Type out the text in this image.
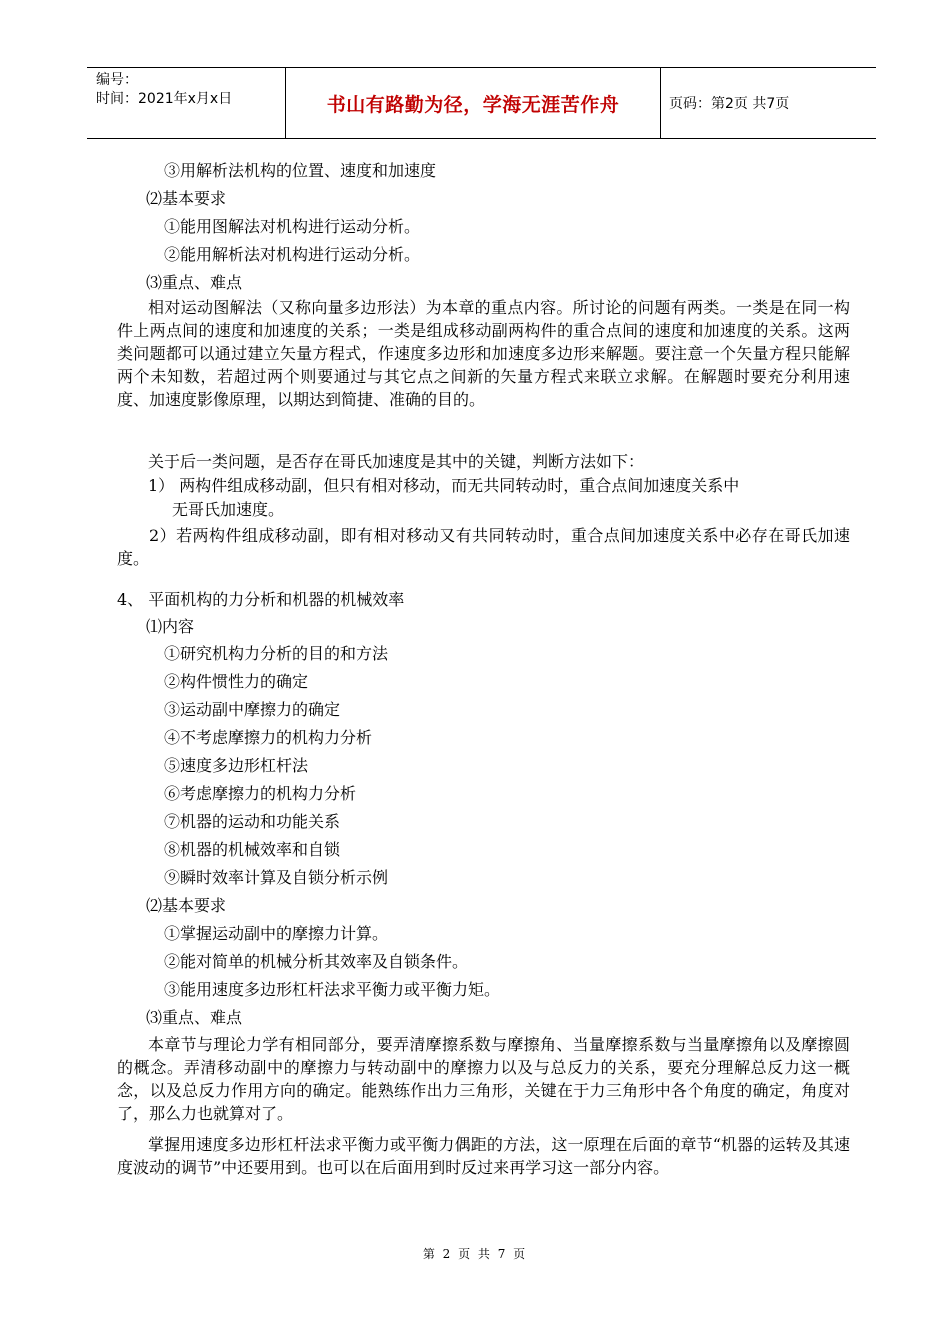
编号：
时间：2021年x月x日	书山有路勤为径，学海无涯苦作舟	页码：第2页 共7页
③用解析法机构的位置、速度和加速度
⑵基本要求
①能用图解法对机构进行运动分析。
②能用解析法对机构进行运动分析。
⑶重点、难点
相对运动图解法（又称向量多边形法）为本章的重点内容。所讨论的问题有两类。一类是在同一构件上两点间的速度和加速度的关系；一类是组成移动副两构件的重合点间的速度和加速度的关系。这两类问题都可以通过建立矢量方程式，作速度多边形和加速度多边形来解题。要注意一个矢量方程只能解两个未知数，若超过两个则要通过与其它点之间新的矢量方程式来联立求解。在解题时要充分利用速度、加速度影像原理，以期达到简捷、准确的目的。
关于后一类问题，是否存在哥氏加速度是其中的关键，判断方法如下：
1） 两构件组成移动副，但只有相对移动，而无共同转动时，重合点间加速度关系中
无哥氏加速度。
2）若两构件组成移动副，即有相对移动又有共同转动时，重合点间加速度关系中必存在哥氏加速度。
4、 平面机构的力分析和机器的机械效率
⑴内容
①研究机构力分析的目的和方法
②构件惯性力的确定
③运动副中摩擦力的确定
④不考虑摩擦力的机构力分析
⑤速度多边形杠杆法
⑥考虑摩擦力的机构力分析
⑦机器的运动和功能关系
⑧机器的机械效率和自锁
⑨瞬时效率计算及自锁分析示例
⑵基本要求
①掌握运动副中的摩擦力计算。
②能对简单的机械分析其效率及自锁条件。
③能用速度多边形杠杆法求平衡力或平衡力矩。
⑶重点、难点
本章节与理论力学有相同部分，要弄清摩擦系数与摩擦角、当量摩擦系数与当量摩擦角以及摩擦圆的概念。弄清移动副中的摩擦力与转动副中的摩擦力以及与总反力的关系，要充分理解总反力这一概念，以及总反力作用方向的确定。能熟练作出力三角形，关键在于力三角形中各个角度的确定，角度对了，那么力也就算对了。
掌握用速度多边形杠杆法求平衡力或平衡力偶距的方法，这一原理在后面的章节“机器的运转及其速度波动的调节”中还要用到。也可以在后面用到时反过来再学习这一部分内容。
第 2 页 共 7 页
